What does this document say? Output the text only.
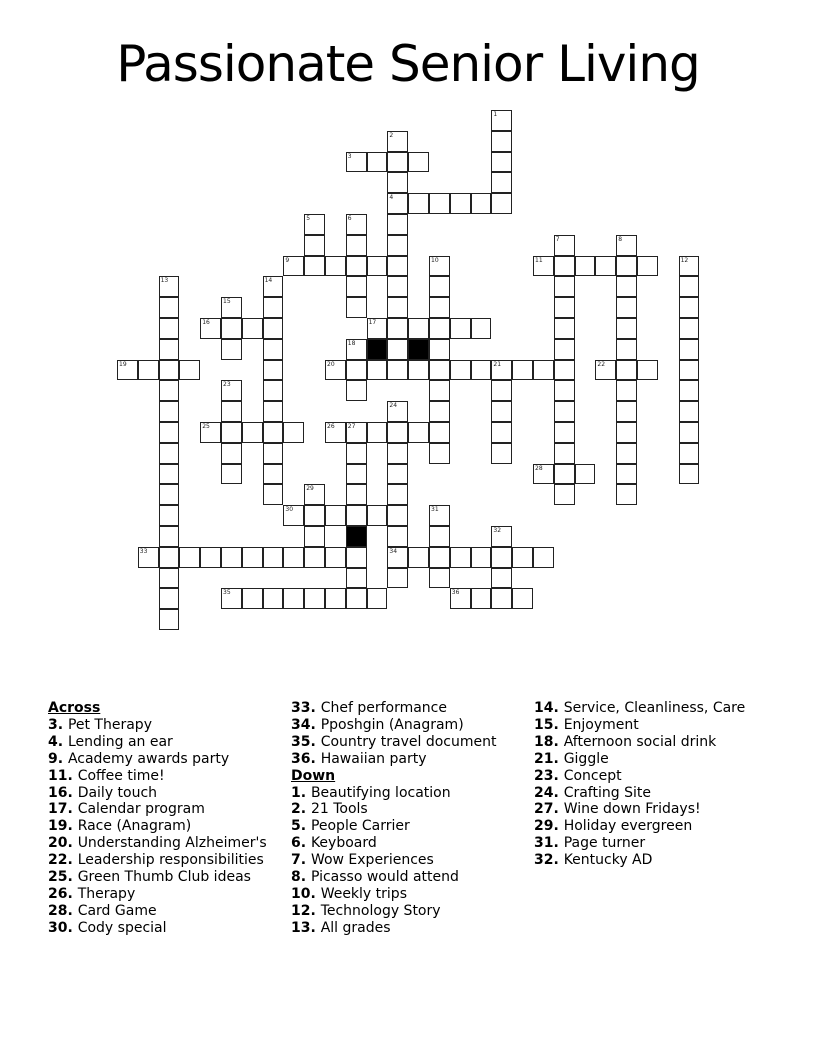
Passionate Senior Living
1
2
4
3
5	6
7	8
9	10	11	12
13	14
15
16	17
18
19	20	21	22
23
24
34
25	26 27
28
29
30	31
32
33
35	36
Across
3. Pet Therapy
4. Lending an ear
9. Academy awards party
11. Coffee time!
16. Daily touch
17. Calendar program
19. Race (Anagram)
20. Understanding Alzheimer's
22. Leadership responsibilities
25. Green Thumb Club ideas
26. Therapy
28. Card Game
30. Cody special
33. Chef performance
34. Pposhgin (Anagram)
35. Country travel document
36. Hawaiian party
Down
1. Beautifying location
2. 21 Tools
5. People Carrier
6. Keyboard
7. Wow Experiences
8. Picasso would attend
10. Weekly trips
12. Technology Story
13. All grades
14. Service, Cleanliness, Care
15. Enjoyment
18. Afternoon social drink
21. Giggle
23. Concept
24. Crafting Site
27. Wine down Fridays!
29. Holiday evergreen
31. Page turner
32. Kentucky AD
